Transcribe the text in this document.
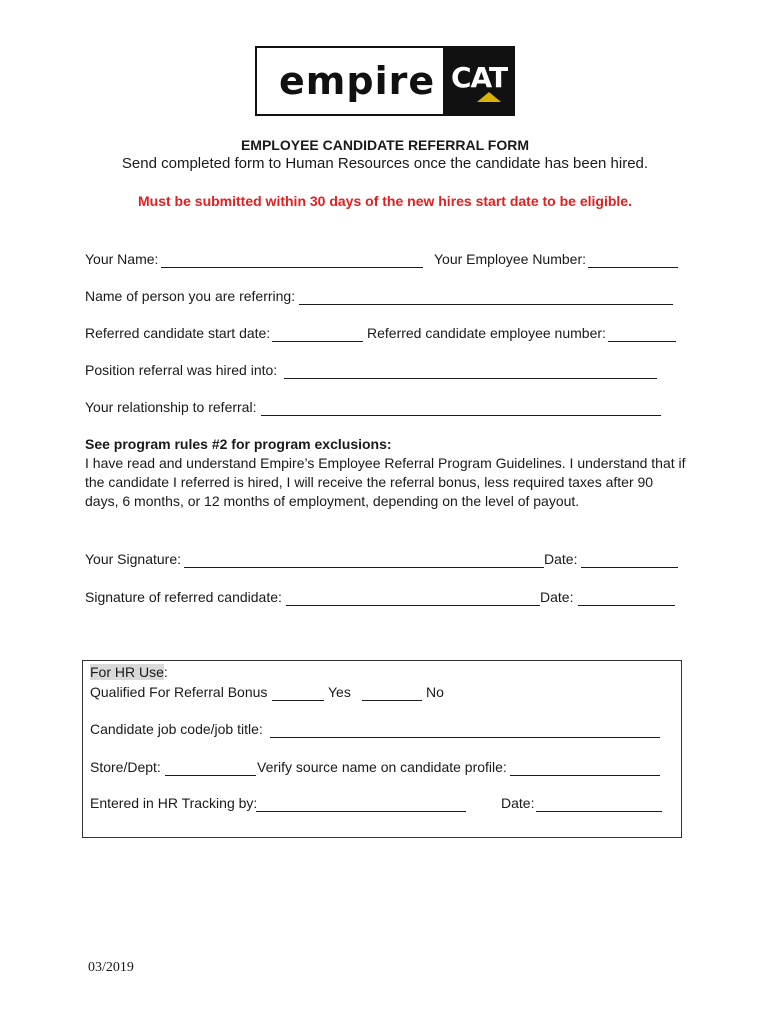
empire CAT
EMPLOYEE CANDIDATE REFERRAL FORM
Send completed form to Human Resources once the candidate has been hired.
Must be submitted within 30 days of the new hires start date to be eligible.
Your Name:	Your Employee Number:
Name of person you are referring:
Referred candidate start date:	Referred candidate employee number:
Position referral was hired into:
Your relationship to referral:
See program rules #2 for program exclusions:
I have read and understand Empire’s Employee Referral Program Guidelines. I understand that if
the candidate I referred is hired, I will receive the referral bonus, less required taxes after 90
days, 6 months, or 12 months of employment, depending on the level of payout.
Your Signature:	Date:
Signature of referred candidate:	Date:
For HR Use:
Qualified For Referral Bonus	Yes	No
Candidate job code/job title:
Store/Dept:	Verify source name on candidate profile:
Entered in HR Tracking by:	Date:
03/2019
